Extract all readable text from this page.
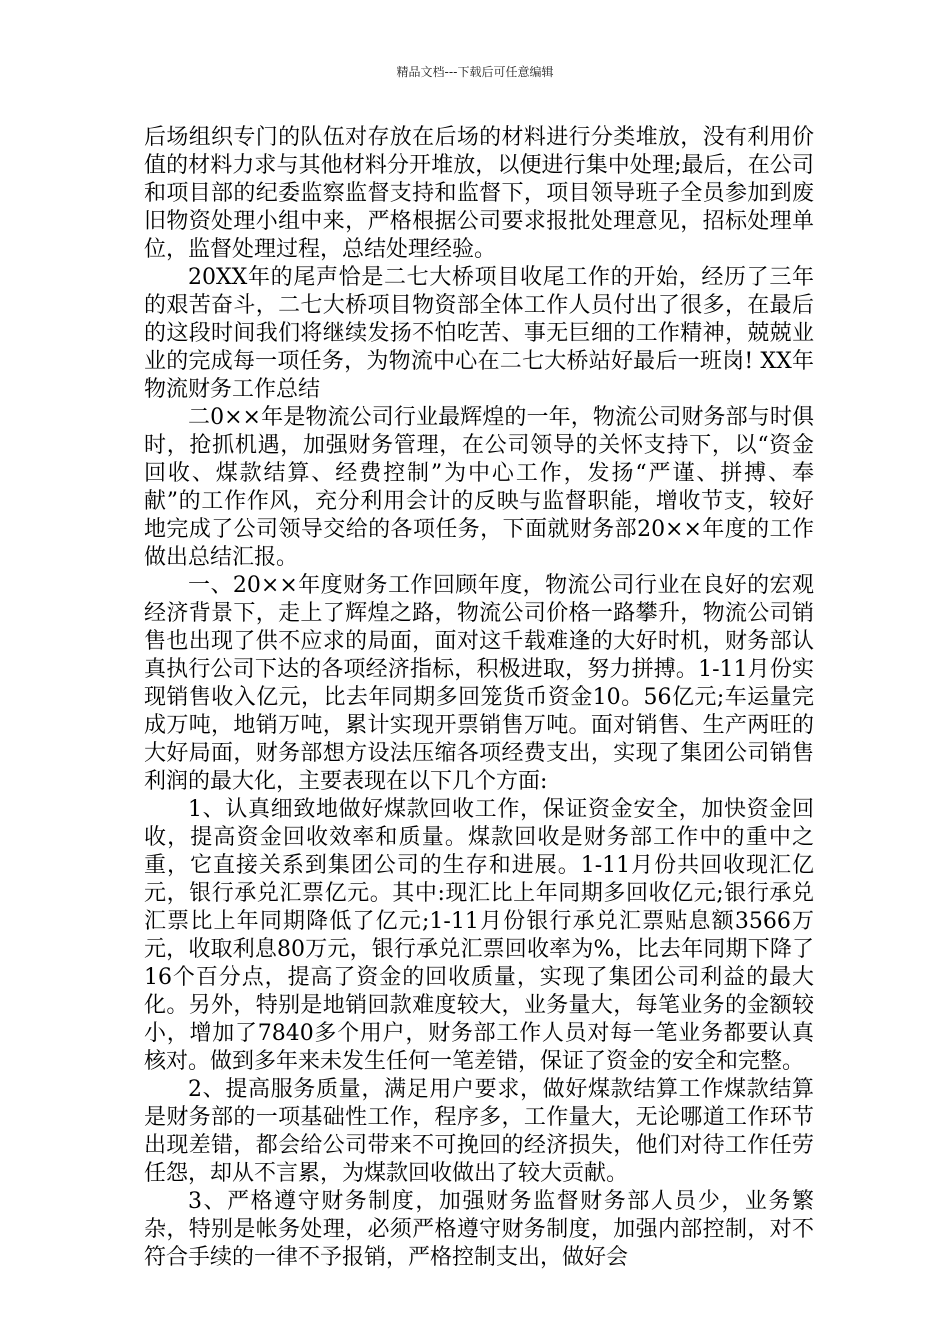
精品文档---下载后可任意编辑

后场组织专门的队伍对存放在后场的材料进行分类堆放，没有利用价值的材料力求与其他材料分开堆放，以便进行集中处理;最后，在公司和项目部的纪委监察监督支持和监督下，项目领导班子全员参加到废旧物资处理小组中来，严格根据公司要求报批处理意见，招标处理单位，监督处理过程，总结处理经验。

20XX年的尾声恰是二七大桥项目收尾工作的开始，经历了三年的艰苦奋斗，二七大桥项目物资部全体工作人员付出了很多，在最后的这段时间我们将继续发扬不怕吃苦、事无巨细的工作精神，兢兢业业的完成每一项任务，为物流中心在二七大桥站好最后一班岗! XX年物流财务工作总结

二0××年是物流公司行业最辉煌的一年，物流公司财务部与时俱时，抢抓机遇，加强财务管理，在公司领导的关怀支持下，以“资金回收、煤款结算、经费控制”为中心工作，发扬“严谨、拼搏、奉献”的工作作风，充分利用会计的反映与监督职能，增收节支，较好地完成了公司领导交给的各项任务，下面就财务部20××年度的工作做出总结汇报。

一、20××年度财务工作回顾年度，物流公司行业在良好的宏观经济背景下，走上了辉煌之路，物流公司价格一路攀升，物流公司销售也出现了供不应求的局面，面对这千载难逢的大好时机，财务部认真执行公司下达的各项经济指标，积极进取，努力拼搏。1-11月份实现销售收入亿元，比去年同期多回笼货币资金10。56亿元;车运量完成万吨，地销万吨，累计实现开票销售万吨。面对销售、生产两旺的大好局面，财务部想方设法压缩各项经费支出，实现了集团公司销售利润的最大化，主要表现在以下几个方面:

1、认真细致地做好煤款回收工作，保证资金安全，加快资金回收，提高资金回收效率和质量。煤款回收是财务部工作中的重中之重，它直接关系到集团公司的生存和进展。1-11月份共回收现汇亿元，银行承兑汇票亿元。其中:现汇比上年同期多回收亿元;银行承兑汇票比上年同期降低了亿元;1-11月份银行承兑汇票贴息额3566万元，收取利息80万元，银行承兑汇票回收率为%，比去年同期下降了16个百分点，提高了资金的回收质量，实现了集团公司利益的最大化。另外，特别是地销回款难度较大，业务量大，每笔业务的金额较小，增加了7840多个用户，财务部工作人员对每一笔业务都要认真核对。做到多年来未发生任何一笔差错，保证了资金的安全和完整。

2、提高服务质量，满足用户要求，做好煤款结算工作煤款结算是财务部的一项基础性工作，程序多，工作量大，无论哪道工作环节出现差错，都会给公司带来不可挽回的经济损失，他们对待工作任劳任怨，却从不言累，为煤款回收做出了较大贡献。

3、严格遵守财务制度，加强财务监督财务部人员少，业务繁杂，特别是帐务处理，必须严格遵守财务制度，加强内部控制，对不符合手续的一律不予报销，严格控制支出，做好会
